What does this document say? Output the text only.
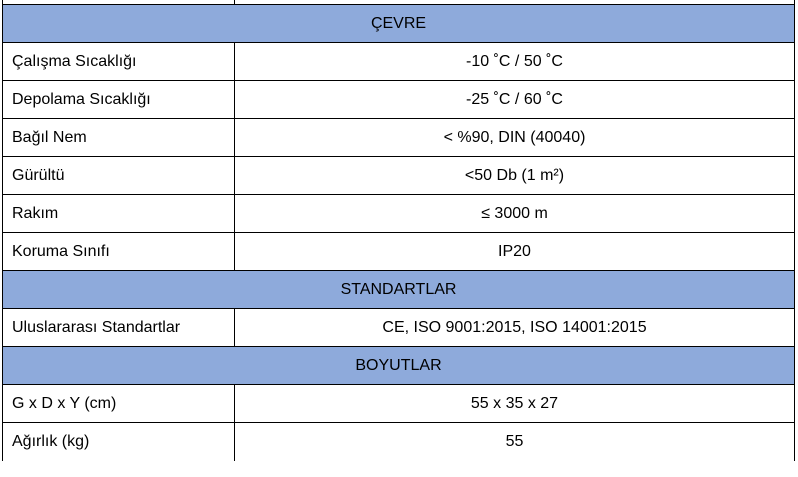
ÇEVRE	
Çalışma Sıcaklığı	-10 ˚C / 50 ˚C
Depolama Sıcaklığı	-25 ˚C / 60 ˚C
Bağıl Nem	< %90, DIN (40040)
Gürültü	<50 Db (1 m²)
Rakım	≤ 3000 m
Koruma Sınıfı	IP20
STANDARTLAR	
Uluslararası Standartlar	CE, ISO 9001:2015, ISO 14001:2015
BOYUTLAR	
G x D x Y (cm)	55 x 35 x 27
Ağırlık (kg)	55
